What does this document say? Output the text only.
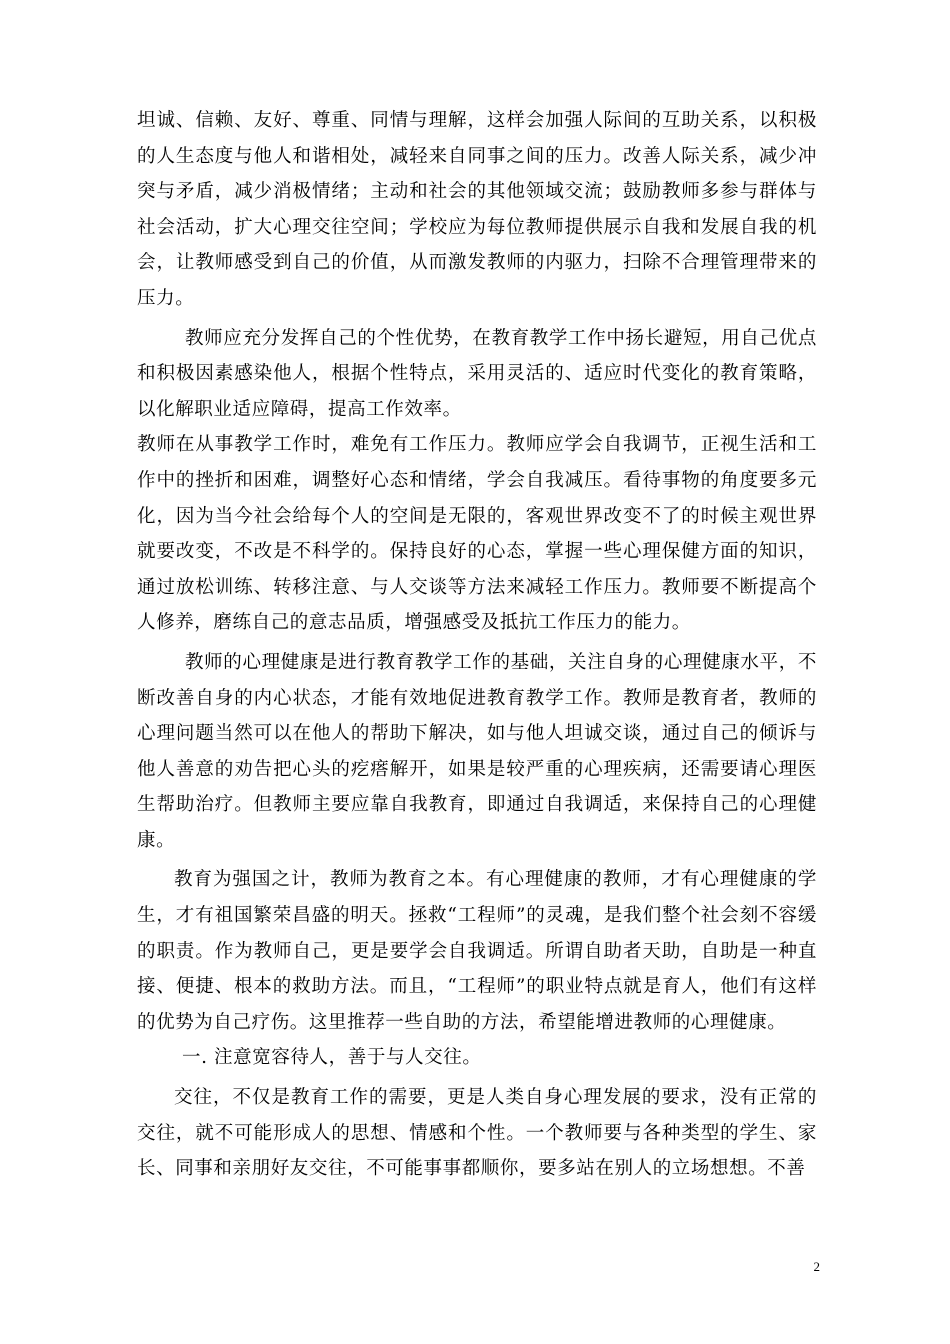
坦诚、信赖、友好、尊重、同情与理解，这样会加强人际间的互助关系，以积极的人生态度与他人和谐相处，减轻来自同事之间的压力。改善人际关系，减少冲突与矛盾，减少消极情绪；主动和社会的其他领域交流；鼓励教师多参与群体与社会活动，扩大心理交往空间；学校应为每位教师提供展示自我和发展自我的机会，让教师感受到自己的价值，从而激发教师的内驱力，扫除不合理管理带来的压力。

教师应充分发挥自己的个性优势，在教育教学工作中扬长避短，用自己优点和积极因素感染他人，根据个性特点，采用灵活的、适应时代变化的教育策略，以化解职业适应障碍，提高工作效率。

教师在从事教学工作时，难免有工作压力。教师应学会自我调节，正视生活和工作中的挫折和困难，调整好心态和情绪，学会自我减压。看待事物的角度要多元化，因为当今社会给每个人的空间是无限的，客观世界改变不了的时候主观世界就要改变，不改是不科学的。保持良好的心态，掌握一些心理保健方面的知识，通过放松训练、转移注意、与人交谈等方法来减轻工作压力。教师要不断提高个人修养，磨练自己的意志品质，增强感受及抵抗工作压力的能力。

教师的心理健康是进行教育教学工作的基础，关注自身的心理健康水平，不断改善自身的内心状态，才能有效地促进教育教学工作。教师是教育者，教师的心理问题当然可以在他人的帮助下解决，如与他人坦诚交谈，通过自己的倾诉与他人善意的劝告把心头的疙瘩解开，如果是较严重的心理疾病，还需要请心理医生帮助治疗。但教师主要应靠自我教育，即通过自我调适，来保持自己的心理健康。

教育为强国之计，教师为教育之本。有心理健康的教师，才有心理健康的学生，才有祖国繁荣昌盛的明天。拯救“工程师”的灵魂，是我们整个社会刻不容缓的职责。作为教师自己，更是要学会自我调适。所谓自助者天助，自助是一种直接、便捷、根本的救助方法。而且，“工程师”的职业特点就是育人，他们有这样的优势为自己疗伤。这里推荐一些自助的方法，希望能增进教师的心理健康。

一. 注意宽容待人，善于与人交往。

交往，不仅是教育工作的需要，更是人类自身心理发展的要求，没有正常的交往，就不可能形成人的思想、情感和个性。一个教师要与各种类型的学生、家长、同事和亲朋好友交往，不可能事事都顺你，要多站在别人的立场想想。不善

2
